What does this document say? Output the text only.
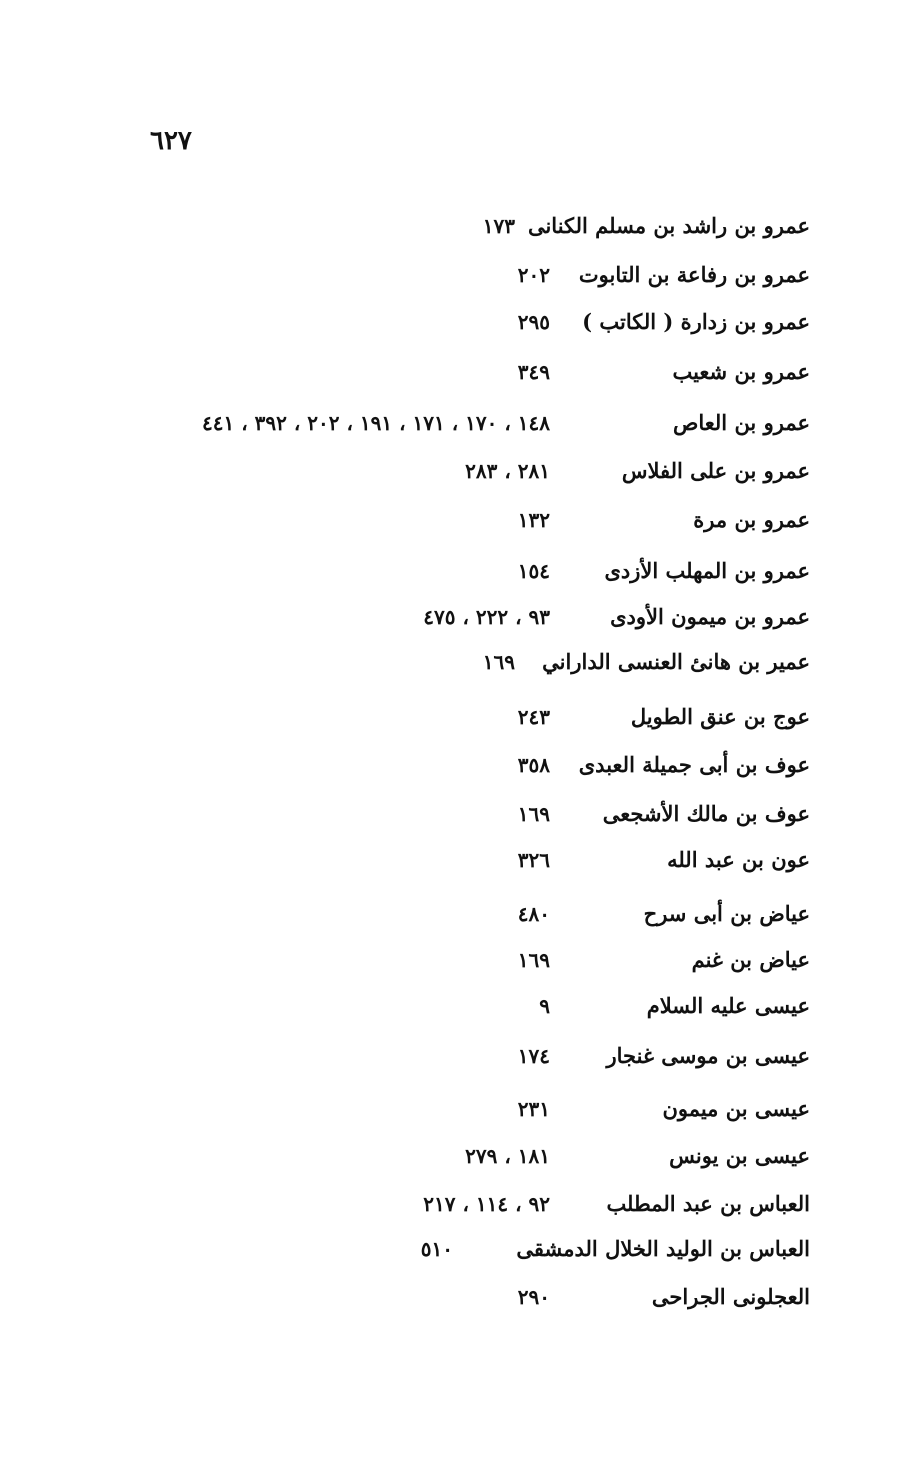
٦٢٧
عمرو بن راشد بن مسلم الكنانى
١٧٣
عمرو بن رفاعة بن التابوت
٢٠٢
عمرو بن زدارة ( الكاتب )
٢٩٥
عمرو بن شعيب
٣٤٩
عمرو بن العاص
١٤٨ ، ١٧٠ ، ١٧١ ، ١٩١ ، ٢٠٢ ، ٣٩٢ ، ٤٤١
عمرو بن على الفلاس
٢٨١ ، ٢٨٣
عمرو بن مرة
١٣٢
عمرو بن المهلب الأزدى
١٥٤
عمرو بن ميمون الأودى
٩٣ ، ٢٢٢ ، ٤٧٥
عمير بن هانئ العنسى الداراني
١٦٩
عوج بن عنق الطويل
٢٤٣
عوف بن أبى جميلة العبدى
٣٥٨
عوف بن مالك الأشجعى
١٦٩
عون بن عبد الله
٣٢٦
عياض بن أبى سرح
٤٨٠
عياض بن غنم
١٦٩
عيسى عليه السلام
٩
عيسى بن موسى غنجار
١٧٤
عيسى بن ميمون
٢٣١
عيسى بن يونس
١٨١ ، ٢٧٩
العباس بن عبد المطلب
٩٢ ، ١١٤ ، ٢١٧
العباس بن الوليد الخلال الدمشقى
٥١٠
العجلونى الجراحى
٢٩٠
